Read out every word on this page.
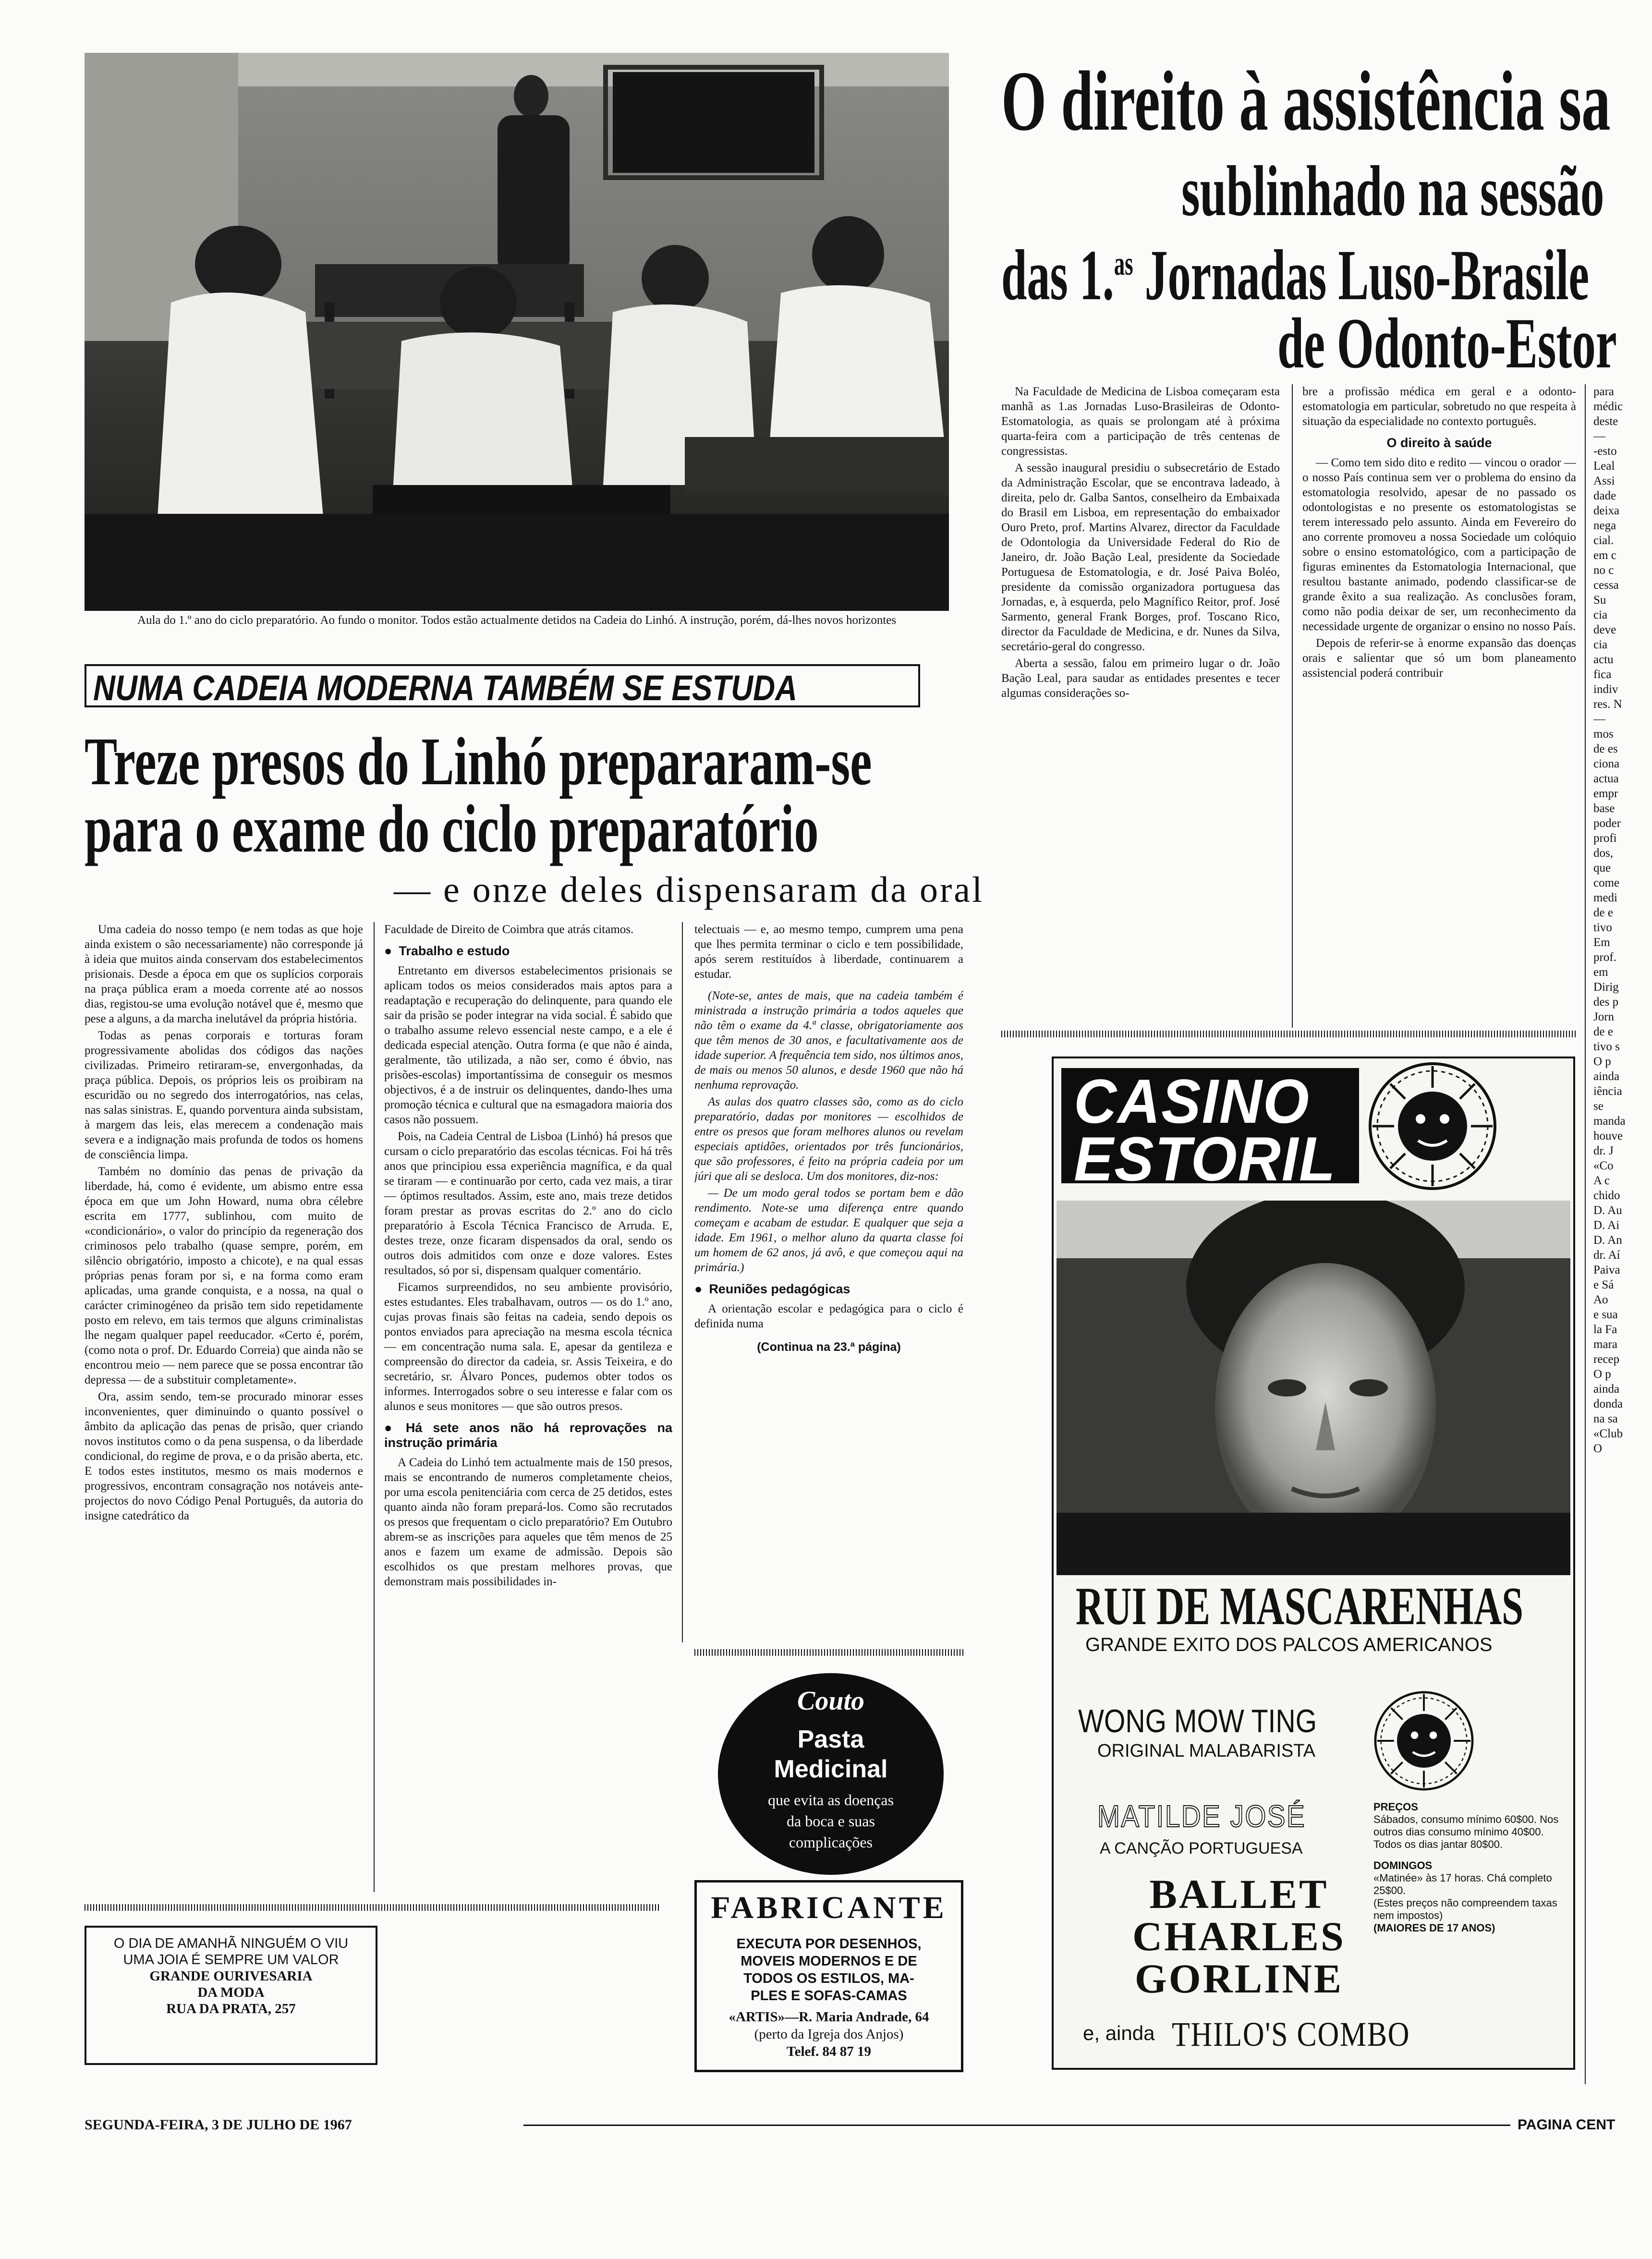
Aula do 1.º ano do ciclo preparatório. Ao fundo o monitor. Todos estão actualmente detidos na Cadeia do Linhó. A instrução, porém, dá-lhes novos horizontes
NUMA CADEIA MODERNA TAMBÉM SE ESTUDA
Treze presos do Linhó prepararam-se
para o exame do ciclo preparatório
— e onze deles dispensaram da oral

Uma cadeia do nosso tempo (e nem todas as que hoje ainda existem o são necessariamente) não corresponde já à ideia que muitos ainda conservam dos estabelecimentos prisionais. Desde a época em que os suplícios corporais na praça pública eram a moeda corrente até ao nossos dias, registou-se uma evolução notável que é, mesmo que pese a alguns, a da marcha inelutável da própria história.

Todas as penas corporais e torturas foram progressivamente abolidas dos códigos das nações civilizadas. Primeiro retiraram-se, envergonhadas, da praça pública. Depois, os próprios leis os proibiram na escuridão ou no segredo dos interrogatórios, nas celas, nas salas sinistras. E, quando porventura ainda subsistam, à margem das leis, elas merecem a condenação mais severa e a indignação mais profunda de todos os homens de consciência limpa.

Também no domínio das penas de privação da liberdade, há, como é evidente, um abismo entre essa época em que um John Howard, numa obra célebre escrita em 1777, sublinhou, com muito de «condicionário», o valor do princípio da regeneração dos criminosos pelo trabalho (quase sempre, porém, em silêncio obrigatório, imposto a chicote), e na qual essas próprias penas foram por si, e na forma como eram aplicadas, uma grande conquista, e a nossa, na qual o carácter criminogéneo da prisão tem sido repetidamente posto em relevo, em tais termos que alguns criminalistas lhe negam qualquer papel reeducador. «Certo é, porém, (como nota o prof. Dr. Eduardo Correia) que ainda não se encontrou meio — nem parece que se possa encontrar tão depressa — de a substituir completamente».

Ora, assim sendo, tem-se procurado minorar esses inconvenientes, quer diminuindo o quanto possível o âmbito da aplicação das penas de prisão, quer criando novos institutos como o da pena suspensa, o da liberdade condicional, do regime de prova, e o da prisão aberta, etc. E todos estes institutos, mesmo os mais modernos e progressivos, encontram consagração nos notáveis ante-projectos do novo Código Penal Português, da autoria do insigne catedrático da

Faculdade de Direito de Coimbra que atrás citamos.

● Trabalho e estudo

Entretanto em diversos estabelecimentos prisionais se aplicam todos os meios considerados mais aptos para a readaptação e recuperação do delinquente, para quando ele sair da prisão se poder integrar na vida social. É sabido que o trabalho assume relevo essencial neste campo, e a ele é dedicada especial atenção. Outra forma (e que não é ainda, geralmente, tão utilizada, a não ser, como é óbvio, nas prisões-escolas) importantíssima de conseguir os mesmos objectivos, é a de instruir os delinquentes, dando-lhes uma promoção técnica e cultural que na esmagadora maioria dos casos não possuem.

Pois, na Cadeia Central de Lisboa (Linhó) há presos que cursam o ciclo preparatório das escolas técnicas. Foi há três anos que principiou essa experiência magnífica, e da qual se tiraram — e continuarão por certo, cada vez mais, a tirar — óptimos resultados. Assim, este ano, mais treze detidos foram prestar as provas escritas do 2.º ano do ciclo preparatório à Escola Técnica Francisco de Arruda. E, destes treze, onze ficaram dispensados da oral, sendo os outros dois admitidos com onze e doze valores. Estes resultados, só por si, dispensam qualquer comentário.

Ficamos surpreendidos, no seu ambiente provisório, estes estudantes. Eles trabalhavam, outros — os do 1.º ano, cujas provas finais são feitas na cadeia, sendo depois os pontos enviados para apreciação na mesma escola técnica — em concentração numa sala. E, apesar da gentileza e compreensão do director da cadeia, sr. Assis Teixeira, e do secretário, sr. Álvaro Ponces, pudemos obter todos os informes. Interrogados sobre o seu interesse e falar com os alunos e seus monitores — que são outros presos.

● Há sete anos não há reprovações na instrução primária

A Cadeia do Linhó tem actualmente mais de 150 presos, mais se encontrando de numeros completamente cheios, por uma escola penitenciária com cerca de 25 detidos, estes quanto ainda não foram prepará-los. Como são recrutados os presos que frequentam o ciclo preparatório? Em Outubro abrem-se as inscrições para aqueles que têm menos de 25 anos e fazem um exame de admissão. Depois são escolhidos os que prestam melhores provas, que demonstram mais possibilidades in-

telectuais — e, ao mesmo tempo, cumprem uma pena que lhes permita terminar o ciclo e tem possibilidade, após serem restituídos à liberdade, continuarem a estudar.

(Note-se, antes de mais, que na cadeia também é ministrada a instrução primária a todos aqueles que não têm o exame da 4.ª classe, obrigatoriamente aos que têm menos de 30 anos, e facultativamente aos de idade superior. A frequência tem sido, nos últimos anos, de mais ou menos 50 alunos, e desde 1960 que não há nenhuma reprovação.

As aulas dos quatro classes são, como as do ciclo preparatório, dadas por monitores — escolhidos de entre os presos que foram melhores alunos ou revelam especiais aptidões, orientados por três funcionários, que são professores, é feito na própria cadeia por um júri que ali se desloca. Um dos monitores, diz-nos:

— De um modo geral todos se portam bem e dão rendimento. Note-se uma diferença entre quando começam e acabam de estudar. E qualquer que seja a idade. Em 1961, o melhor aluno da quarta classe foi um homem de 62 anos, já avô, e que começou aqui na primária.)

● Reuniões pedagógicas

A orientação escolar e pedagógica para o ciclo é definida numa

(Continua na 23.ª página)
Couto
Pasta
Medicinal
que evita as doenças
da boca e suas
complicações
FABRICANTE
EXECUTA POR DESENHOS,
MOVEIS MODERNOS E DE
TODOS OS ESTILOS, MA-
PLES E SOFAS-CAMAS
«ARTIS»—R. Maria Andrade, 64
(perto da Igreja dos Anjos)
Telef. 84 87 19
O DIA DE AMANHÃ NINGUÉM O VIU
UMA JOIA É SEMPRE UM VALOR
GRANDE OURIVESARIA
DA MODA
RUA DA PRATA, 257
O direito à assistência sa
sublinhado na sessão
das 1.$^{as}$ Jornadas Luso-Brasile
de Odonto-Estor

Na Faculdade de Medicina de Lisboa começaram esta manhã as 1.as Jornadas Luso-Brasileiras de Odonto-Estomatologia, as quais se prolongam até à próxima quarta-feira com a participação de três centenas de congressistas.

A sessão inaugural presidiu o subsecretário de Estado da Administração Escolar, que se encontrava ladeado, à direita, pelo dr. Galba Santos, conselheiro da Embaixada do Brasil em Lisboa, em representação do embaixador Ouro Preto, prof. Martins Alvarez, director da Faculdade de Odontologia da Universidade Federal do Rio de Janeiro, dr. João Bação Leal, presidente da Sociedade Portuguesa de Estomatologia, e dr. José Paiva Boléo, presidente da comissão organizadora portuguesa das Jornadas, e, à esquerda, pelo Magnífico Reitor, prof. José Sarmento, general Frank Borges, prof. Toscano Rico, director da Faculdade de Medicina, e dr. Nunes da Silva, secretário-geral do congresso.

Aberta a sessão, falou em primeiro lugar o dr. João Bação Leal, para saudar as entidades presentes e tecer algumas considerações so-

bre a profissão médica em geral e a odonto-estomatologia em particular, sobretudo no que respeita à situação da especialidade no contexto português.

O direito à saúde

— Como tem sido dito e redito — vincou o orador — o nosso País continua sem ver o problema do ensino da estomatologia resolvido, apesar de no passado os odontologistas e no presente os estomatologistas se terem interessado pelo assunto. Ainda em Fevereiro do ano corrente promoveu a nossa Sociedade um colóquio sobre o ensino estomatológico, com a participação de figuras eminentes da Estomatologia Internacional, que resultou bastante animado, podendo classificar-se de grande êxito a sua realização. As conclusões foram, como não podia deixar de ser, um reconhecimento da necessidade urgente de organizar o ensino no nosso País.

Depois de referir-se à enorme expansão das doenças orais e salientar que só um bom planeamento assistencial poderá contribuir

para
médic
deste
—
-esto
Leal
Assi
dade
deixa
nega
cial.
em c
no c
cessa
Su
cia
deve
cia
actu
fica
indiv
res. N
—
mos
de es
ciona
actua
empr
base
poder
profi
dos,
que
come
medi
de e
tivo
Em
prof.
em
Dirig
des p
Jorn
de e
tivo s
O p
ainda
iência
se
manda
houve
dr. J
«Co
A c
chido
D. Au
D. Ai
D. An
dr. Aí
Paiva
e Sá
Ao
e sua
la Fa
mara
recep
O p
ainda
donda
na sa
«Club
O
CASINO
ESTORIL
RUI DE MASCARENHAS
GRANDE EXITO DOS PALCOS AMERICANOS
WONG MOW TING
ORIGINAL MALABARISTA
MATILDE JOSÉ
A CANÇÃO PORTUGUESA
BALLET
CHARLES
GORLINE
e, ainda THILO'S COMBO
PREÇOS
Sábados, consumo mínimo 60$00. Nos outros dias consumo mínimo 40$00. Todos os dias jantar 80$00.
DOMINGOS
«Matinée» às 17 horas. Chá completo 25$00.
(Estes preços não compreendem taxas nem impostos)
(MAIORES DE 17 ANOS)
SEGUNDA-FEIRA, 3 DE JULHO DE 1967	PAGINA CENT
